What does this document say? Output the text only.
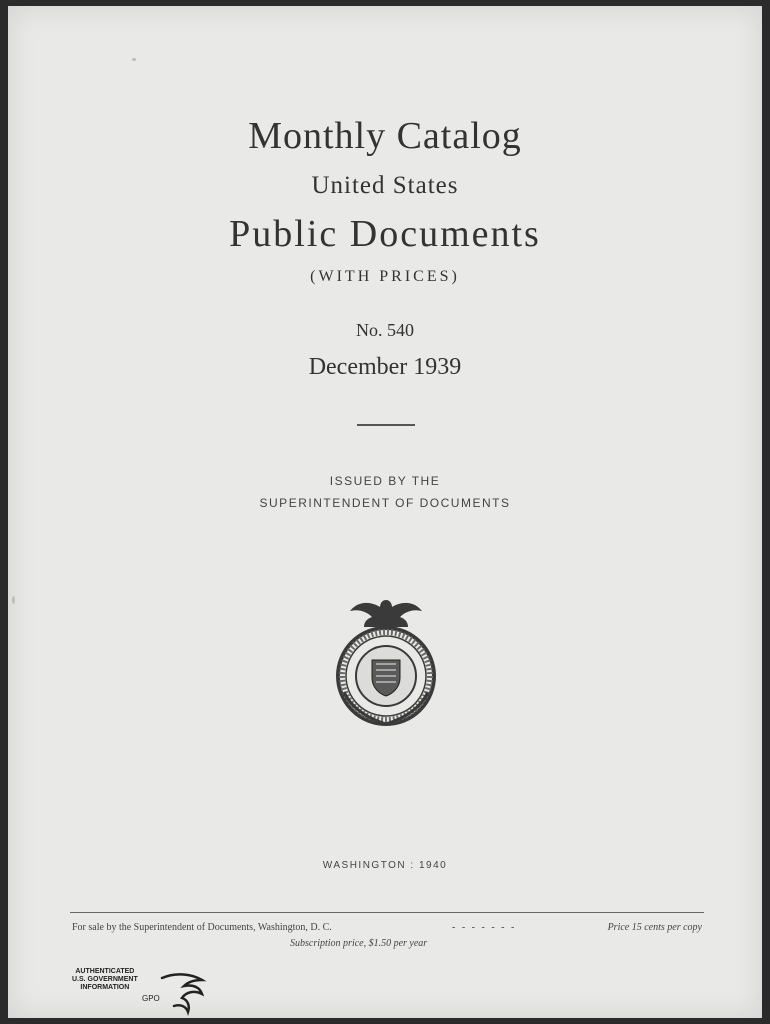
Monthly Catalog
United States
Public Documents
(WITH PRICES)
No. 540
December 1939
ISSUED BY THE
SUPERINTENDENT OF DOCUMENTS
WASHINGTON : 1940
For sale by the Superintendent of Documents, Washington, D. C.	- - - - - - -	Price 15 cents per copy
Subscription price, $1.50 per year
AUTHENTICATED
U.S. GOVERNMENT
INFORMATION
GPO
